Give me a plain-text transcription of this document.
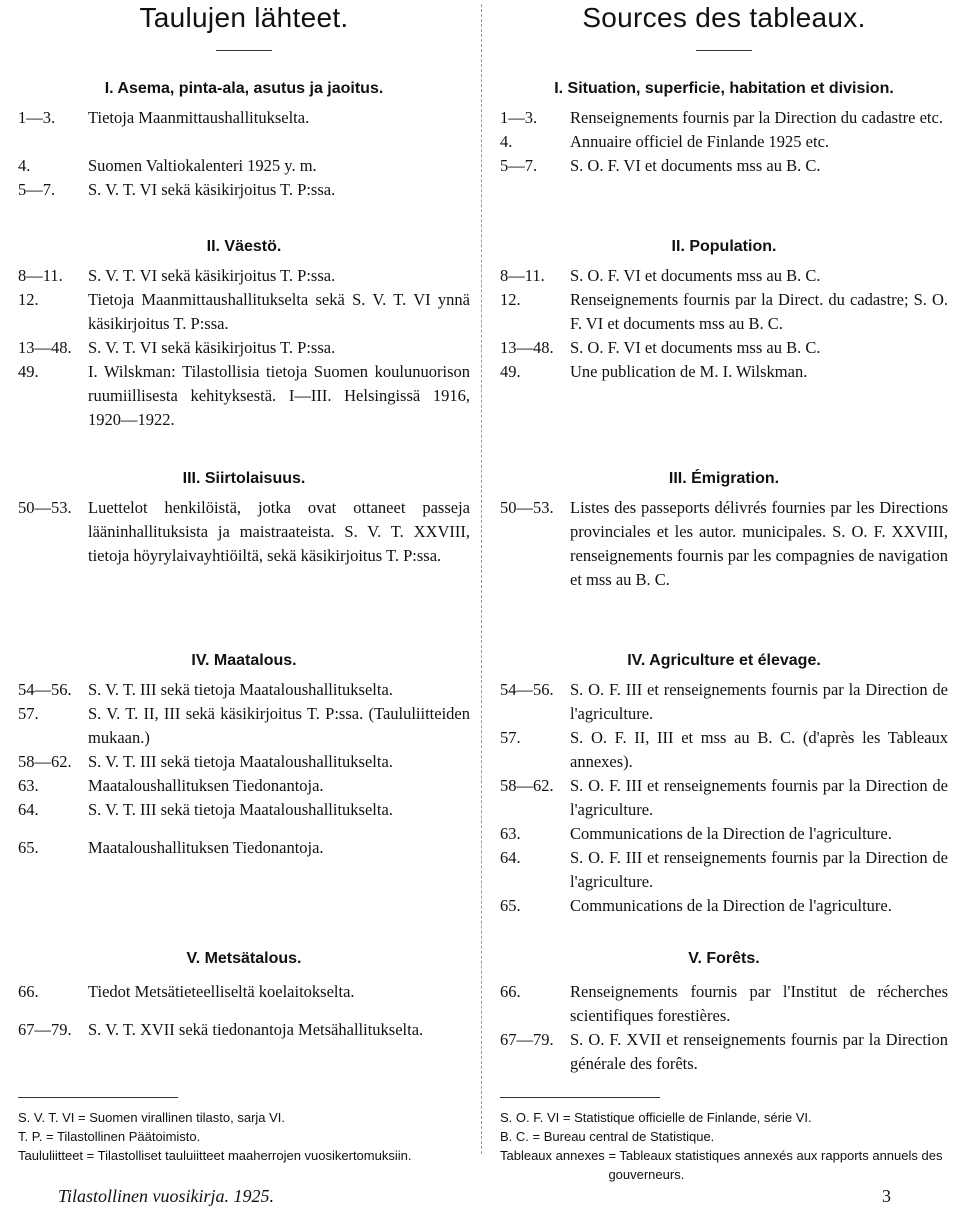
Taulujen lähteet.
I. Asema, pinta-ala, asutus ja jaoitus.
1—3.	Tietoja Maanmittaushallitukselta.
4.	Suomen Valtiokalenteri 1925 y. m.
5—7.	S. V. T. VI sekä käsikirjoitus T. P:ssa.
II. Väestö.
8—11.	S. V. T. VI sekä käsikirjoitus T. P:ssa.
12.	Tietoja Maanmittaushallitukselta sekä S. V. T. VI ynnä käsikirjoitus T. P:ssa.
13—48. S. V. T. VI sekä käsikirjoitus T. P:ssa.
49.	I. Wilskman: Tilastollisia tietoja Suomen koulunuorison ruumiillisesta kehityksestä. I—III. Helsingissä 1916, 1920—1922.
III. Siirtolaisuus.
50—53. Luettelot henkilöistä, jotka ovat ottaneet passeja lääninhallituksista ja maistraateista. S. V. T. XXVIII, tietoja höyrylaivayhtiöiltä, sekä käsikirjoitus T. P:ssa.
IV. Maatalous.
54—56. S. V. T. III sekä tietoja Maataloushallitukselta.
57.	S. V. T. II, III sekä käsikirjoitus T. P:ssa. (Taululiitteiden mukaan.)
58—62. S. V. T. III sekä tietoja Maataloushallitukselta.
63.	Maataloushallituksen Tiedonantoja.
64.	S. V. T. III sekä tietoja Maataloushallitukselta.
65.	Maataloushallituksen Tiedonantoja.
V. Metsätalous.
66.	Tiedot Metsätieteelliseltä koelaitokselta.
67—79. S. V. T. XVII sekä tiedonantoja Metsähallitukselta.
S. V. T. VI
= Suomen virallinen tilasto, sarja VI.
T. P.
= Tilastollinen Päätoimisto.
Taululiitteet
= Tilastolliset tauluiitteet maaherrojen vuosikertomuksiin.
Tilastollinen vuosikirja. 1925.
Sources des tableaux.
I. Situation, superficie, habitation et division.
1—3.	Renseignements fournis par la Direction du cadastre etc.
4.	Annuaire officiel de Finlande 1925 etc.
5—7.	S. O. F. VI et documents mss au B. C.
II. Population.
8—11.	S. O. F. VI et documents mss au B. C.
12.	Renseignements fournis par la Direct. du cadastre; S. O. F. VI et documents mss au B. C.
13—48. S. O. F. VI et documents mss au B. C.
49.	Une publication de M. I. Wilskman.
III. Émigration.
50—53. Listes des passeports délivrés fournies par les Directions provinciales et les autor. municipales. S. O. F. XXVIII, renseignements fournis par les compagnies de navigation et mss au B. C.
IV. Agriculture et élevage.
54—56. S. O. F. III et renseignements fournis par la Direction de l'agriculture.
57.	S. O. F. II, III et mss au B. C. (d'après les Tableaux annexes).
58—62. S. O. F. III et renseignements fournis par la Direction de l'agriculture.
63.	Communications de la Direction de l'agriculture.
64.	S. O. F. III et renseignements fournis par la Direction de l'agriculture.
65.	Communications de la Direction de l'agriculture.
V. Forêts.
66.	Renseignements fournis par l'Institut de récherches scientifiques forestières.
67—79. S. O. F. XVII et renseignements fournis par la Direction générale des forêts.
S. O. F. VI
= Statistique officielle de Finlande, série VI.
B. C.
= Bureau central de Statistique.
Tableaux annexes
= Tableaux statistiques annexés aux rapports annuels des gouverneurs.
3
